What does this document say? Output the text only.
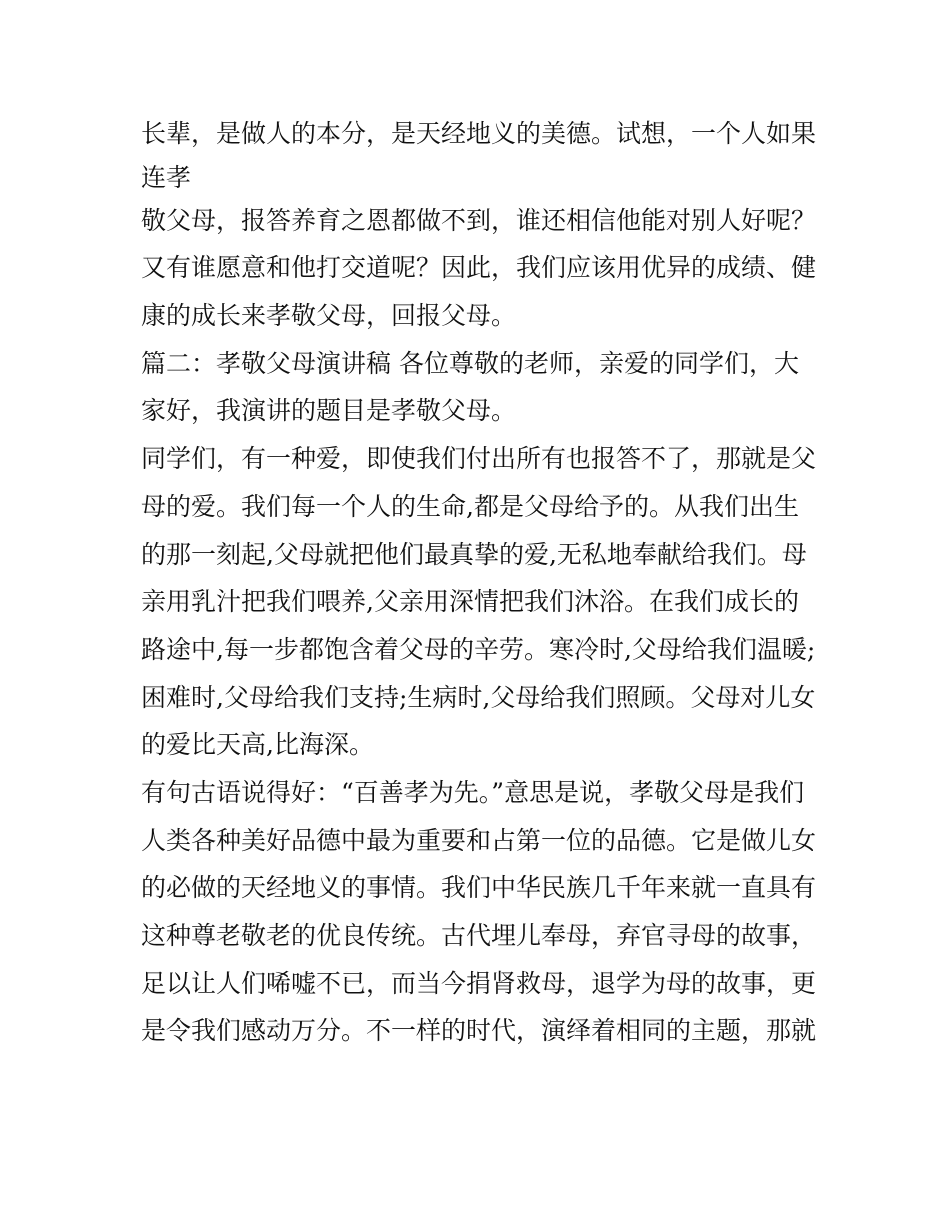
长辈，是做人的本分，是天经地义的美德。试想，一个人如果
连孝
敬父母，报答养育之恩都做不到，谁还相信他能对别人好呢？
又有谁愿意和他打交道呢？因此，我们应该用优异的成绩、健
康的成长来孝敬父母，回报父母。
篇二：孝敬父母演讲稿 各位尊敬的老师，亲爱的同学们，大
家好，我演讲的题目是孝敬父母。
同学们，有一种爱，即使我们付出所有也报答不了，那就是父
母的爱。我们每一个人的生命,都是父母给予的。从我们出生
的那一刻起,父母就把他们最真挚的爱,无私地奉献给我们。母
亲用乳汁把我们喂养,父亲用深情把我们沐浴。在我们成长的
路途中,每一步都饱含着父母的辛劳。寒冷时,父母给我们温暖;
困难时,父母给我们支持;生病时,父母给我们照顾。父母对儿女
的爱比天高,比海深。
有句古语说得好：“百善孝为先。”意思是说，孝敬父母是我们
人类各种美好品德中最为重要和占第一位的品德。它是做儿女
的必做的天经地义的事情。我们中华民族几千年来就一直具有
这种尊老敬老的优良传统。古代埋儿奉母，弃官寻母的故事，
足以让人们唏嘘不已，而当今捐肾救母，退学为母的故事，更
是令我们感动万分。不一样的时代，演绎着相同的主题，那就
